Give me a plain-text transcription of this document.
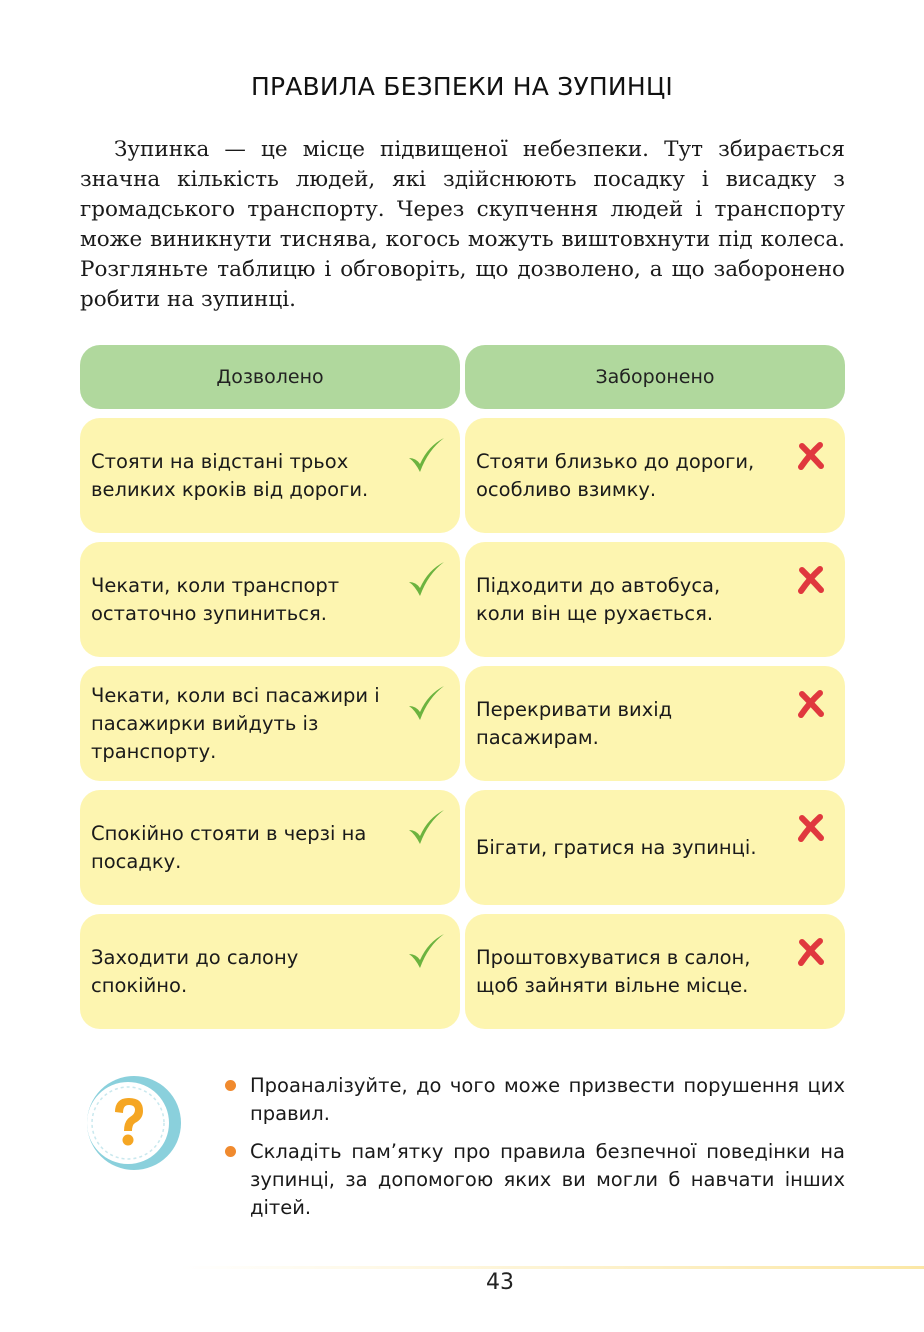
ПРАВИЛА БЕЗПЕКИ НА ЗУПИНЦІ

Зупинка — це місце підвищеної небезпеки. Тут збирається значна кількість людей, які здійснюють посадку і висадку з громадського транспорту. Через скупчення людей і транспорту може виникнути тиснява, когось можуть виштовхнути під колеса. Розгляньте таблицю і обговоріть, що дозволено, а що заборонено робити на зупинці.

Дозволено	Заборонено
Стояти на відстані трьох великих кроків від дороги.
Стояти близько до дороги, особливо взимку.
Чекати, коли транспорт остаточно зупиниться.
Підходити до автобуса, коли він ще рухається.
Чекати, коли всі пасажири і пасажирки вийдуть із транспорту.
Перекривати вихід пасажирам.
Спокійно стояти в черзі на посадку.
Бігати, гратися на зупинці.
Заходити до салону спокійно.
Проштовхуватися в салон, щоб зайняти вільне місце.
Проаналізуйте, до чого може призвести порушення цих правил.
Складіть пам’ятку про правила безпечної поведінки на зупинці, за допомогою яких ви могли б навчати інших дітей.
43
